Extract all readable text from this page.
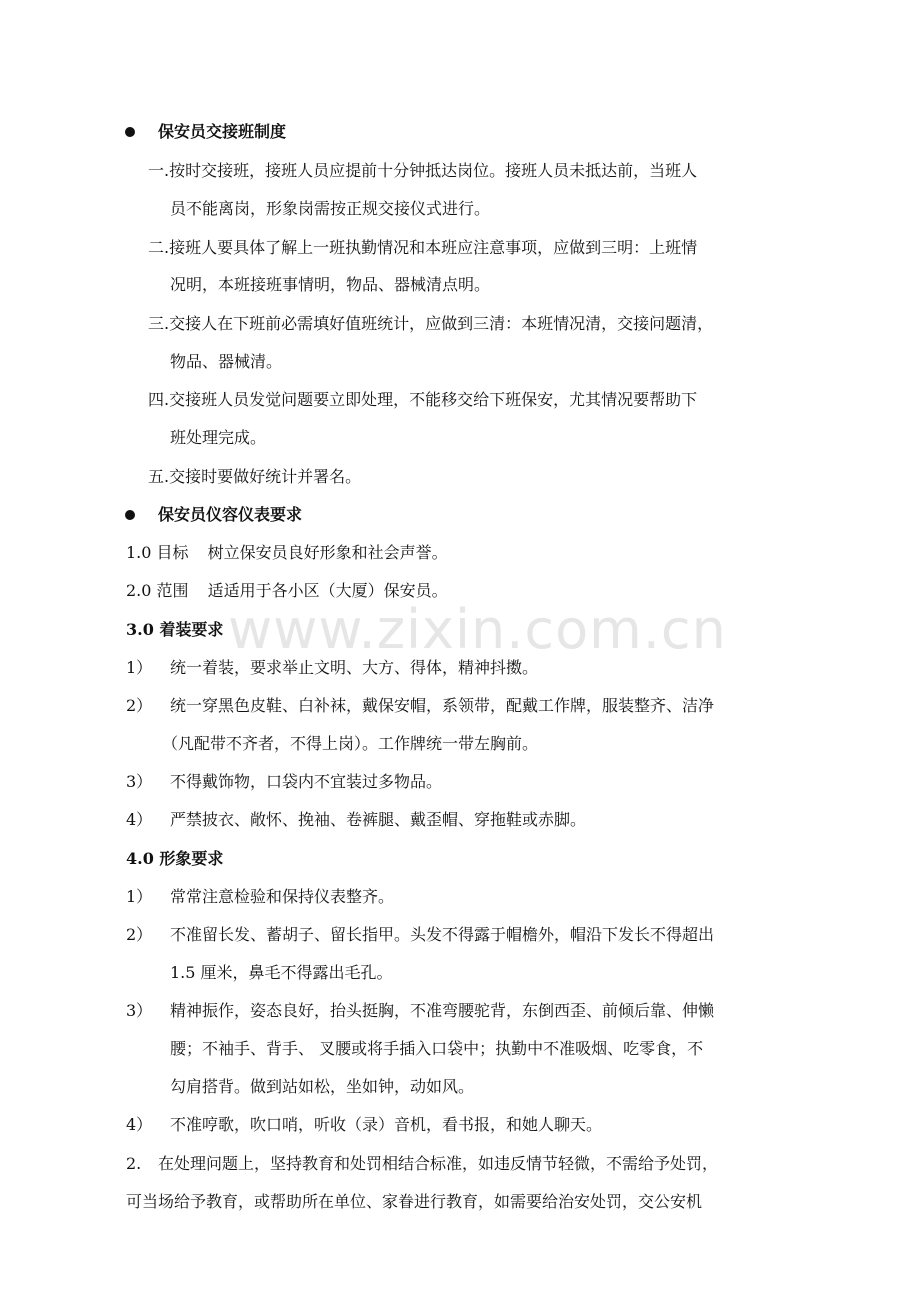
www.zixin.com.cn
保安员交接班制度
一.按时交接班，接班人员应提前十分钟抵达岗位。接班人员未抵达前，当班人
员不能离岗，形象岗需按正规交接仪式进行。
二.接班人要具体了解上一班执勤情况和本班应注意事项，应做到三明：上班情
况明，本班接班事情明，物品、器械清点明。
三.交接人在下班前必需填好值班统计，应做到三清：本班情况清，交接问题清，
物品、器械清。
四.交接班人员发觉问题要立即处理，不能移交给下班保安，尤其情况要帮助下
班处理完成。
五.交接时要做好统计并署名。
保安员仪容仪表要求
1.0 目标 树立保安员良好形象和社会声誉。
2.0 范围 适适用于各小区（大厦）保安员。
3.0 着装要求
1） 统一着装，要求举止文明、大方、得体，精神抖擞。
2） 统一穿黑色皮鞋、白补袜，戴保安帽，系领带，配戴工作牌，服装整齐、洁净
（凡配带不齐者，不得上岗）。工作牌统一带左胸前。
3） 不得戴饰物，口袋内不宜装过多物品。
4） 严禁披衣、敞怀、挽袖、卷裤腿、戴歪帽、穿拖鞋或赤脚。
4.0 形象要求
1） 常常注意检验和保持仪表整齐。
2） 不准留长发、蓄胡子、留长指甲。头发不得露于帽檐外，帽沿下发长不得超出
1.5 厘米，鼻毛不得露出毛孔。
3） 精神振作，姿态良好，抬头挺胸，不准弯腰驼背，东倒西歪、前倾后靠、伸懒
腰；不袖手、背手、 叉腰或将手插入口袋中；执勤中不准吸烟、吃零食，不
勾肩搭背。做到站如松，坐如钟，动如风。
4） 不准哼歌，吹口哨，听收（录）音机，看书报，和她人聊天。
2. 在处理问题上，坚持教育和处罚相结合标准，如违反情节轻微，不需给予处罚，
可当场给予教育，或帮助所在单位、家眷进行教育，如需要给治安处罚，交公安机
